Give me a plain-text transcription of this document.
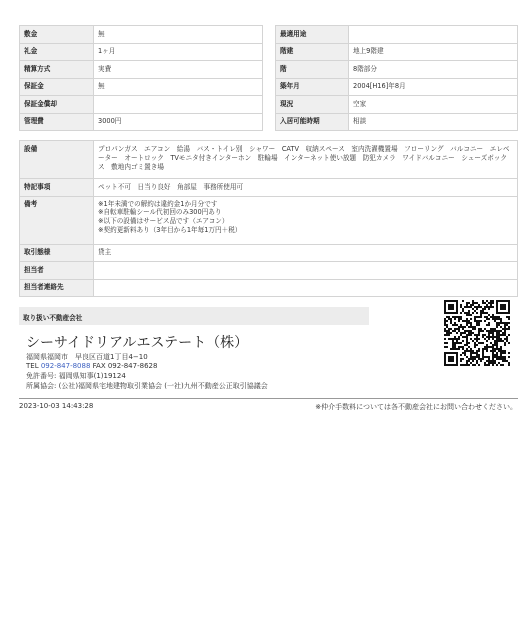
敷金	無
礼金	1ヶ月
精算方式	実費
保証金	無
保証金償却	
管理費	3000円
最適用途	
階建	地上9階建
階	8階部分
築年月	2004[H16]年8月
現況	空家
入居可能時期	相談
設備	プロパンガス　エアコン　給湯　バス・トイレ別　シャワー　CATV　収納スペース　室内洗濯機置場　フローリング　バルコニー　エレベーター　オートロック　TVモニタ付きインターホン　駐輪場　インターネット使い放題　防犯カメラ　ワイドバルコニー　シューズボックス　敷地内ゴミ置き場
特記事項	ペット不可　日当り良好　角部屋　事務所使用可
備考	※1年未満での解約は違約金1か月分です
※自転車駐輪シール代初回のみ300円あり
※以下の設備はサービス品です（エアコン）
※契約更新料あり（3年目から1年毎1万円＋税）

取引態様	貸主
担当者	
担当者連絡先	
取り扱い不動産会社
シーサイドリアルエステート（株）
福岡県福岡市　早良区百道1丁目4−10
TEL 092-847-8088 FAX 092-847-8628
免許番号: 福岡県知事(1)19124
所属協会: (公社)福岡県宅地建物取引業協会 (一社)九州不動産公正取引協議会
2023-10-03 14:43:28	※仲介手数料については各不動産会社にお問い合わせください。
